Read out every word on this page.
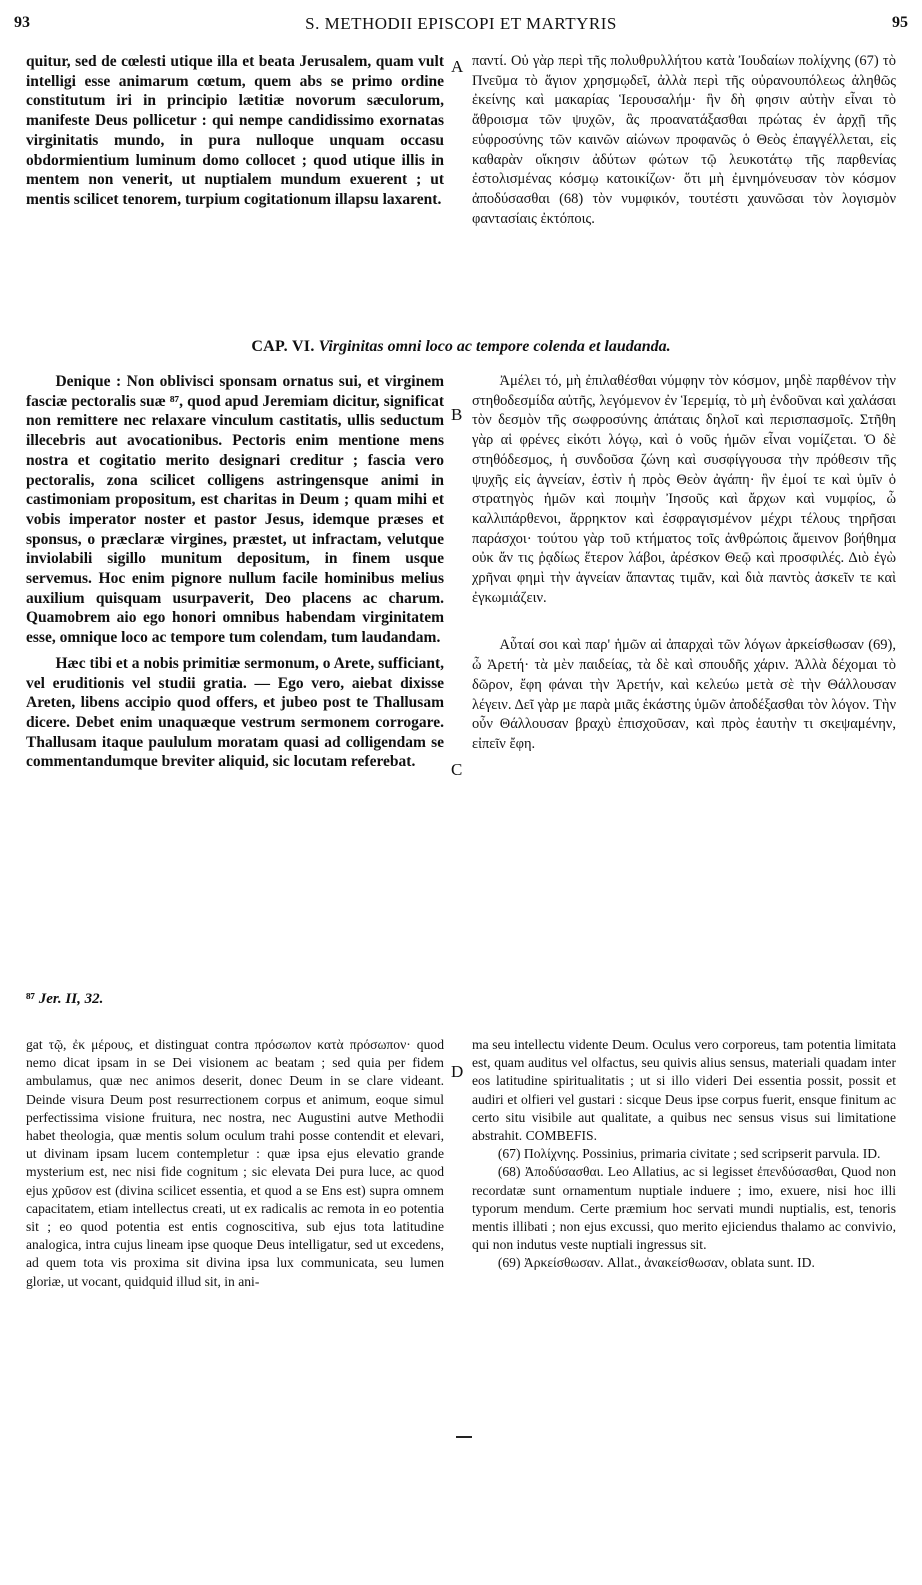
93	S. METHODII EPISCOPI ET MARTYRIS	95

quitur, sed de cœlesti utique illa et beata Jerusalem, quam vult intelligi esse animarum cœtum, quem abs se primo ordine constitutum iri in principio lætitiæ novorum sæculorum, manifeste Deus pollicetur : qui nempe candidissimo exornatas virginitatis mundo, in pura nulloque unquam occasu obdormientium luminum domo collocet ; quod utique illis in mentem non venerit, ut nuptialem mundum exuerent ; ut mentis scilicet tenorem, turpium cogitationum illapsu laxarent.

A παντί. Οὐ γὰρ περὶ τῆς πολυθρυλλήτου κατὰ Ἰουδαίων πολίχνης (67) τὸ Πνεῦμα τὸ ἅγιον χρησμῳδεῖ, ἀλλὰ περὶ τῆς οὐρανουπόλεως ἀληθῶς ἐκείνης καὶ μακαρίας Ἱερουσαλήμ· ἣν δὴ φησιν αὐτὴν εἶναι τὸ ἄθροισμα τῶν ψυχῶν, ἃς προανατάξασθαι πρώτας ἐν ἀρχῇ τῆς εὐφροσύνης τῶν καινῶν αἰώνων προφανῶς ὁ Θεὸς ἐπαγγέλλεται, εἰς καθαρὰν οἴκησιν ἀδύτων φώτων τῷ λευκοτάτῳ τῆς παρθενίας ἐστολισμένας κόσμῳ κατοικίζων· ὅτι μὴ ἐμνημόνευσαν τὸν κόσμον ἀποδύσασθαι (68) τὸν νυμφικόν, τουτέστι χαυνῶσαι τὸν λογισμὸν φαντασίαις ἐκτόποις.

CAP. VI. Virginitas omni loco ac tempore colenda et laudanda.

Denique : Non oblivisci sponsam ornatus sui, et virginem fasciæ pectoralis suæ ⁸⁷, quod apud Jeremiam dicitur, significat non remittere nec relaxare vinculum castitatis, ullis seductum illecebris aut avocationibus. Pectoris enim mentione mens nostra et cogitatio merito designari creditur ; fascia vero pectoralis, zona scilicet colligens astringensque animi in castimoniam propositum, est charitas in Deum ; quam mihi et vobis imperator noster et pastor Jesus, idemque præses et sponsus, o præclaræ virgines, præstet, ut infractam, velutque inviolabili sigillo munitum depositum, in finem usque servemus. Hoc enim pignore nullum facile hominibus melius auxilium quisquam usurpaverit, Deo placens ac charum. Quamobrem aio ego honori omnibus habendam virginitatem esse, omnique loco ac tempore tum colendam, tum laudandam.

Hæc tibi et a nobis primitiæ sermonum, o Arete, sufficiant, vel eruditionis vel studii gratia. — Ego vero, aiebat dixisse Areten, libens accipio quod offers, et jubeo post te Thallusam dicere. Debet enim unaquæque vestrum sermonem corrogare. Thallusam itaque paululum moratam quasi ad colligendam se commentandumque breviter aliquid, sic locutam referebat.

B
C

Ἀμέλει τό, μὴ ἐπιλαθέσθαι νύμφην τὸν κόσμον, μηδὲ παρθένον τὴν στηθοδεσμίδα αὐτῆς, λεγόμενον ἐν Ἱερεμίᾳ, τὸ μὴ ἐνδοῦναι καὶ χαλάσαι τὸν δεσμὸν τῆς σωφροσύνης ἀπάταις δηλοῖ καὶ περισπασμοῖς. Στῆθη γὰρ αἱ φρένες εἰκότι λόγῳ, καὶ ὁ νοῦς ἡμῶν εἶναι νομίζεται. Ὁ δὲ στηθόδεσμος, ἡ συνδοῦσα ζώνη καὶ συσφίγγουσα τὴν πρόθεσιν τῆς ψυχῆς εἰς ἁγνείαν, ἐστὶν ἡ πρὸς Θεὸν ἀγάπη· ἣν ἐμοί τε καὶ ὑμῖν ὁ στρατηγὸς ἡμῶν καὶ ποιμὴν Ἰησοῦς καὶ ἄρχων καὶ νυμφίος, ὦ καλλιπάρθενοι, ἄρρηκτον καὶ ἐσφραγισμένον μέχρι τέλους τηρῆσαι παράσχοι· τούτου γὰρ τοῦ κτήματος τοῖς ἀνθρώποις ἄμεινον βοήθημα οὐκ ἄν τις ῥᾳδίως ἕτερον λάβοι, ἀρέσκον Θεῷ καὶ προσφιλές. Διὸ ἐγὼ χρῆναι φημὶ τὴν ἁγνείαν ἅπαντας τιμᾶν, καὶ διὰ παντὸς ἀσκεῖν τε καὶ ἐγκωμιάζειν.

Αὗταί σοι καὶ παρ' ἡμῶν αἱ ἀπαρχαὶ τῶν λόγων ἀρκείσθωσαν (69), ὦ Ἀρετή· τὰ μὲν παιδείας, τὰ δὲ καὶ σπουδῆς χάριν. Ἀλλὰ δέχομαι τὸ δῶρον, ἔφη φάναι τὴν Ἀρετήν, καὶ κελεύω μετὰ σὲ τὴν Θάλλουσαν λέγειν. Δεῖ γὰρ με παρὰ μιᾶς ἑκάστης ὑμῶν ἀποδέξασθαι τὸν λόγον. Τὴν οὖν Θάλλουσαν βραχὺ ἐπισχοῦσαν, καὶ πρὸς ἑαυτὴν τι σκεψαμένην, εἰπεῖν ἔφη.

⁸⁷ Jer. II, 32.

gat τῷ, ἐκ μέρους, et distinguat contra πρόσωπον κατὰ πρόσωπον· quod nemo dicat ipsam in se Dei visionem ac beatam ; sed quia per fidem ambulamus, quæ nec animos deserit, donec Deum in se clare videant. Deinde visura Deum post resurrectionem corpus et animum, eoque simul perfectissima visione fruitura, nec nostra, nec Augustini autve Methodii habet theologia, quæ mentis solum oculum trahi posse contendit et elevari, ut divinam ipsam lucem contempletur : quæ ipsa ejus elevatio grande mysterium est, nec nisi fide cognitum ; sic elevata Dei pura luce, ac quod ejus χρῦσον est (divina scilicet essentia, et quod a se Ens est) supra omnem capacitatem, etiam intellectus creati, ut ex radicalis ac remota in eo potentia sit ; eo quod potentia est entis cognoscitiva, sub ejus tota latitudine analogica, intra cujus lineam ipse quoque Deus intelligatur, sed ut excedens, ad quem tota vis proxima sit divina ipsa lux communicata, seu lumen gloriæ, ut vocant, quidquid illud sit, in ani-

D

ma seu intellectu vidente Deum. Oculus vero corporeus, tam potentia limitata est, quam auditus vel olfactus, seu quivis alius sensus, materiali quadam inter eos latitudine spiritualitatis ; ut si illo videri Dei essentia possit, possit et audiri et olfieri vel gustari : sicque Deus ipse corpus fuerit, ensque finitum ac certo situ visibile aut qualitate, a quibus nec sensus visus sui limitatione abstrahit. COMBEFIS.

(67) Πολίχνης. Possinius, primaria civitate ; sed scripserit parvula. ID.

(68) Ἀποδύσασθαι. Leo Allatius, ac si legisset ἐπενδύσασθαι, Quod non recordatæ sunt ornamentum nuptiale induere ; imo, exuere, nisi hoc illi typorum mendum. Certe præmium hoc servati mundi nuptialis, est, tenoris mentis illibati ; non ejus excussi, quo merito ejiciendus thalamo ac convivio, qui non indutus veste nuptiali ingressus sit.

(69) Ἀρκείσθωσαν. Allat., ἀνακείσθωσαν, oblata sunt. ID.
